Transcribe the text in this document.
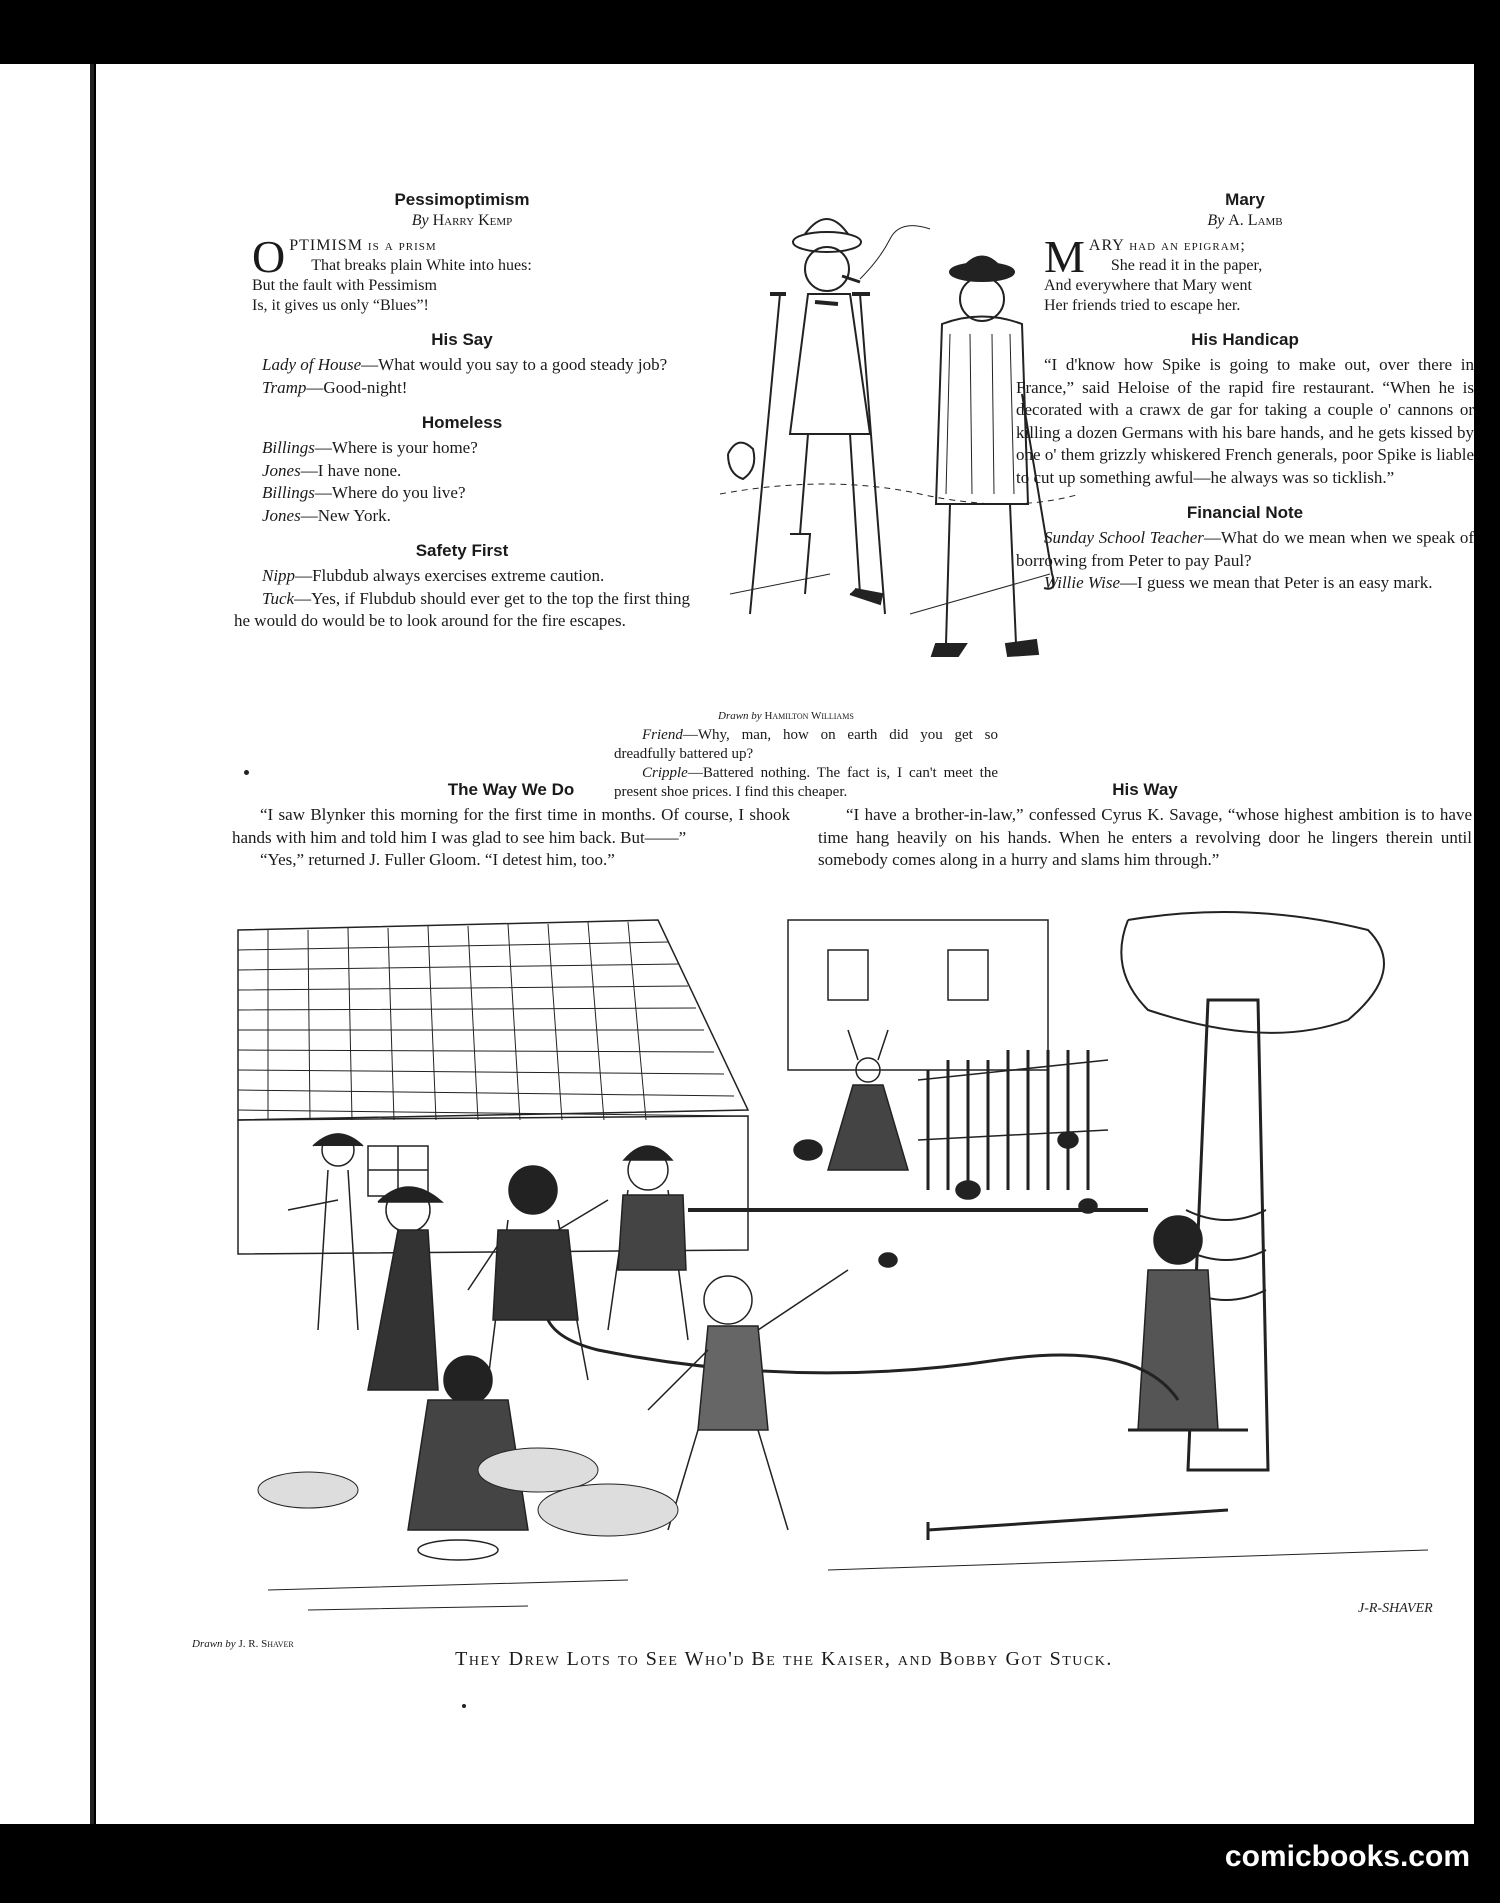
Pessimoptimism

By Harry Kemp

O PTIMISM is a prism

That breaks plain White into hues:

But the fault with Pessimism

Is, it gives us only “Blues”!

His Say

Lady of House—What would you say to a good steady job?

Tramp—Good-night!

Homeless

Billings—Where is your home?

Jones—I have none.

Billings—Where do you live?

Jones—New York.

Safety First

Nipp—Flubdub always exercises extreme caution.

Tuck—Yes, if Flubdub should ever get to the top the first thing he would do would be to look around for the fire escapes.

Drawn by Hamilton Williams

Friend—Why, man, how on earth did you get so dreadfully battered up?

Cripple—Battered nothing. The fact is, I can't meet the present shoe prices. I find this cheaper.

Mary

By A. Lamb

M ARY had an epigram;

She read it in the paper,

And everywhere that Mary went

Her friends tried to escape her.

His Handicap

“I d'know how Spike is going to make out, over there in France,” said Heloise of the rapid fire restaurant. “When he is decorated with a crawx de gar for taking a couple o' cannons or killing a dozen Germans with his bare hands, and he gets kissed by one o' them grizzly whiskered French generals, poor Spike is liable to cut up something awful—he always was so ticklish.”

Financial Note

Sunday School Teacher—What do we mean when we speak of borrowing from Peter to pay Paul?

Willie Wise—I guess we mean that Peter is an easy mark.

The Way We Do

“I saw Blynker this morning for the first time in months. Of course, I shook hands with him and told him I was glad to see him back. But——”

“Yes,” returned J. Fuller Gloom. “I detest him, too.”

His Way

“I have a brother-in-law,” confessed Cyrus K. Savage, “whose highest ambition is to have time hang heavily on his hands. When he enters a revolving door he lingers therein until somebody comes along in a hurry and slams him through.”

J-R-SHAVER

Drawn by J. R. Shaver

They Drew Lots to See Who'd Be the Kaiser, and Bobby Got Stuck.

comicbooks.com
